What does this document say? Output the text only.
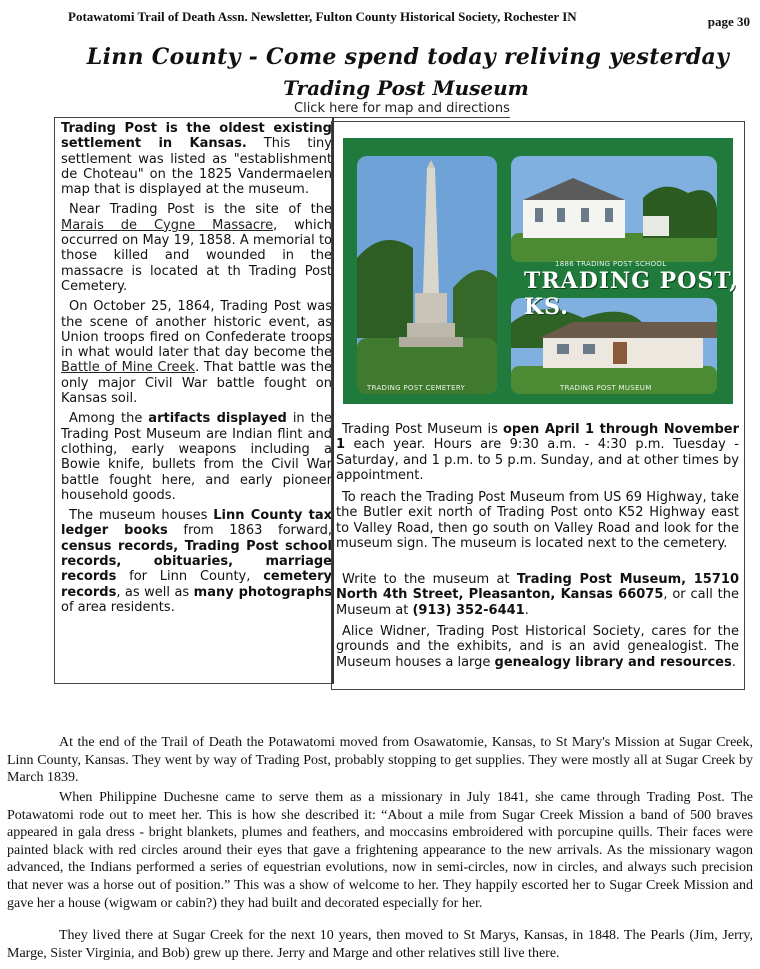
Potawatomi Trail of Death Assn. Newsletter, Fulton County Historical Society, Rochester IN	page 30
Linn County - Come spend today reliving yesterday
Trading Post Museum
Click here for map and directions

Trading Post is the oldest existing settlement in Kansas. This tiny settlement was listed as "establishment de Choteau" on the 1825 Vandermaelen map that is displayed at the museum.

Near Trading Post is the site of the Marais de Cygne Massacre, which occurred on May 19, 1858. A memorial to those killed and wounded in the massacre is located at th Trading Post Cemetery.

On October 25, 1864, Trading Post was the scene of another historic event, as Union troops fired on Confederate troops in what would later that day become the Battle of Mine Creek. That battle was the only major Civil War battle fought on Kansas soil.

Among the artifacts displayed in the Trading Post Museum are Indian flint and clothing, early weapons including a Bowie knife, bullets from the Civil War battle fought here, and early pioneer household goods.

The museum houses Linn County tax ledger books from 1863 forward, census records, Trading Post school records, obituaries, marriage records for Linn County, cemetery records, as well as many photographs of area residents.

1886 TRADING POST SCHOOL
TRADING POST, KS.
TRADING POST CEMETERY	TRADING POST MUSEUM

Trading Post Museum is open April 1 through November 1 each year. Hours are 9:30 a.m. - 4:30 p.m. Tuesday - Saturday, and 1 p.m. to 5 p.m. Sunday, and at other times by appointment.

To reach the Trading Post Museum from US 69 Highway, take the Butler exit north of Trading Post onto K52 Highway east to Valley Road, then go south on Valley Road and look for the museum sign. The museum is located next to the cemetery.

Write to the museum at Trading Post Museum, 15710 North 4th Street, Pleasanton, Kansas 66075, or call the Museum at (913) 352-6441.

Alice Widner, Trading Post Historical Society, cares for the grounds and the exhibits, and is an avid genealogist. The Museum houses a large genealogy library and resources.

At the end of the Trail of Death the Potawatomi moved from Osawatomie, Kansas, to St Mary's Mission at Sugar Creek, Linn County, Kansas. They went by way of Trading Post, probably stopping to get supplies. They were mostly all at Sugar Creek by March 1839.

When Philippine Duchesne came to serve them as a missionary in July 1841, she came through Trading Post. The Potawatomi rode out to meet her. This is how she described it: “About a mile from Sugar Creek Mission a band of 500 braves appeared in gala dress - bright blankets, plumes and feathers, and moccasins embroidered with porcupine quills. Their faces were painted black with red circles around their eyes that gave a frightening appearance to the new arrivals. As the missionary wagon advanced, the Indians performed a series of equestrian evolutions, now in semi-circles, now in circles, and always such precision that never was a horse out of position.” This was a show of welcome to her. They happily escorted her to Sugar Creek Mission and gave her a house (wigwam or cabin?) they had built and decorated especially for her.

They lived there at Sugar Creek for the next 10 years, then moved to St Marys, Kansas, in 1848. The Pearls (Jim, Jerry, Marge, Sister Virginia, and Bob) grew up there. Jerry and Marge and other relatives still live there.
